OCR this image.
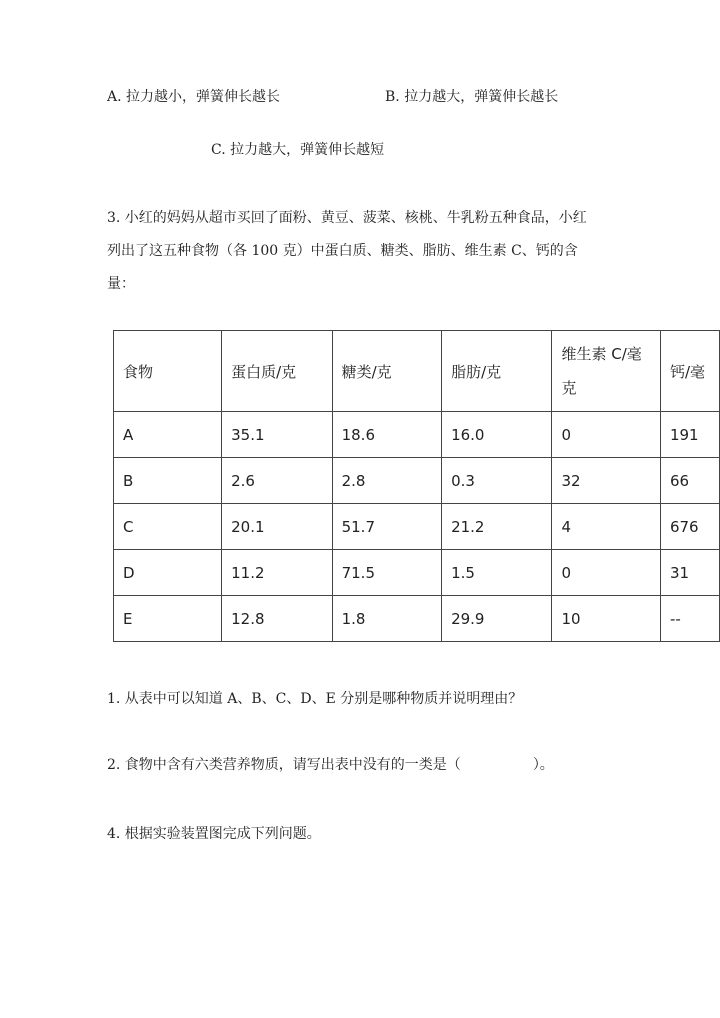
A. 拉力越小，弹簧伸长越长	B. 拉力越大，弹簧伸长越长
C. 拉力越大，弹簧伸长越短
3. 小红的妈妈从超市买回了面粉、黄豆、菠菜、核桃、牛乳粉五种食品，小红
列出了这五种食物（各 100 克）中蛋白质、糖类、脂肪、维生素 C、钙的含
量：
食物	蛋白质/克	糖类/克	脂肪/克	维生素 C/毫克	钙/毫
A	35.1	18.6	16.0	0	191
B	2.6	2.8	0.3	32	66
C	20.1	51.7	21.2	4	676
D	11.2	71.5	1.5	0	31
E	12.8	1.8	29.9	10	--
1. 从表中可以知道 A、B、C、D、E 分别是哪种物质并说明理由？
2. 食物中含有六类营养物质，请写出表中没有的一类是（	）。
4. 根据实验装置图完成下列问题。
